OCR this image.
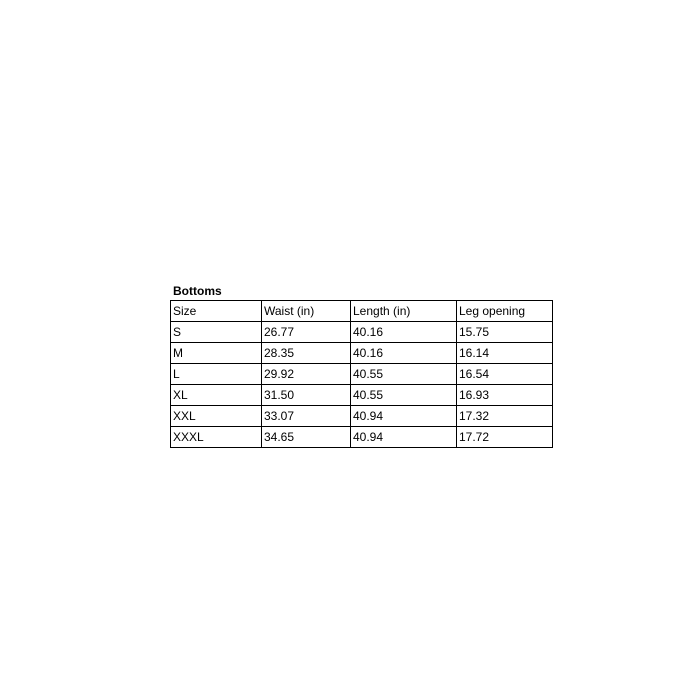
Bottoms
Size	Waist (in)	Length (in)	Leg opening
S	26.77	40.16	15.75
M	28.35	40.16	16.14
L	29.92	40.55	16.54
XL	31.50	40.55	16.93
XXL	33.07	40.94	17.32
XXXL	34.65	40.94	17.72
